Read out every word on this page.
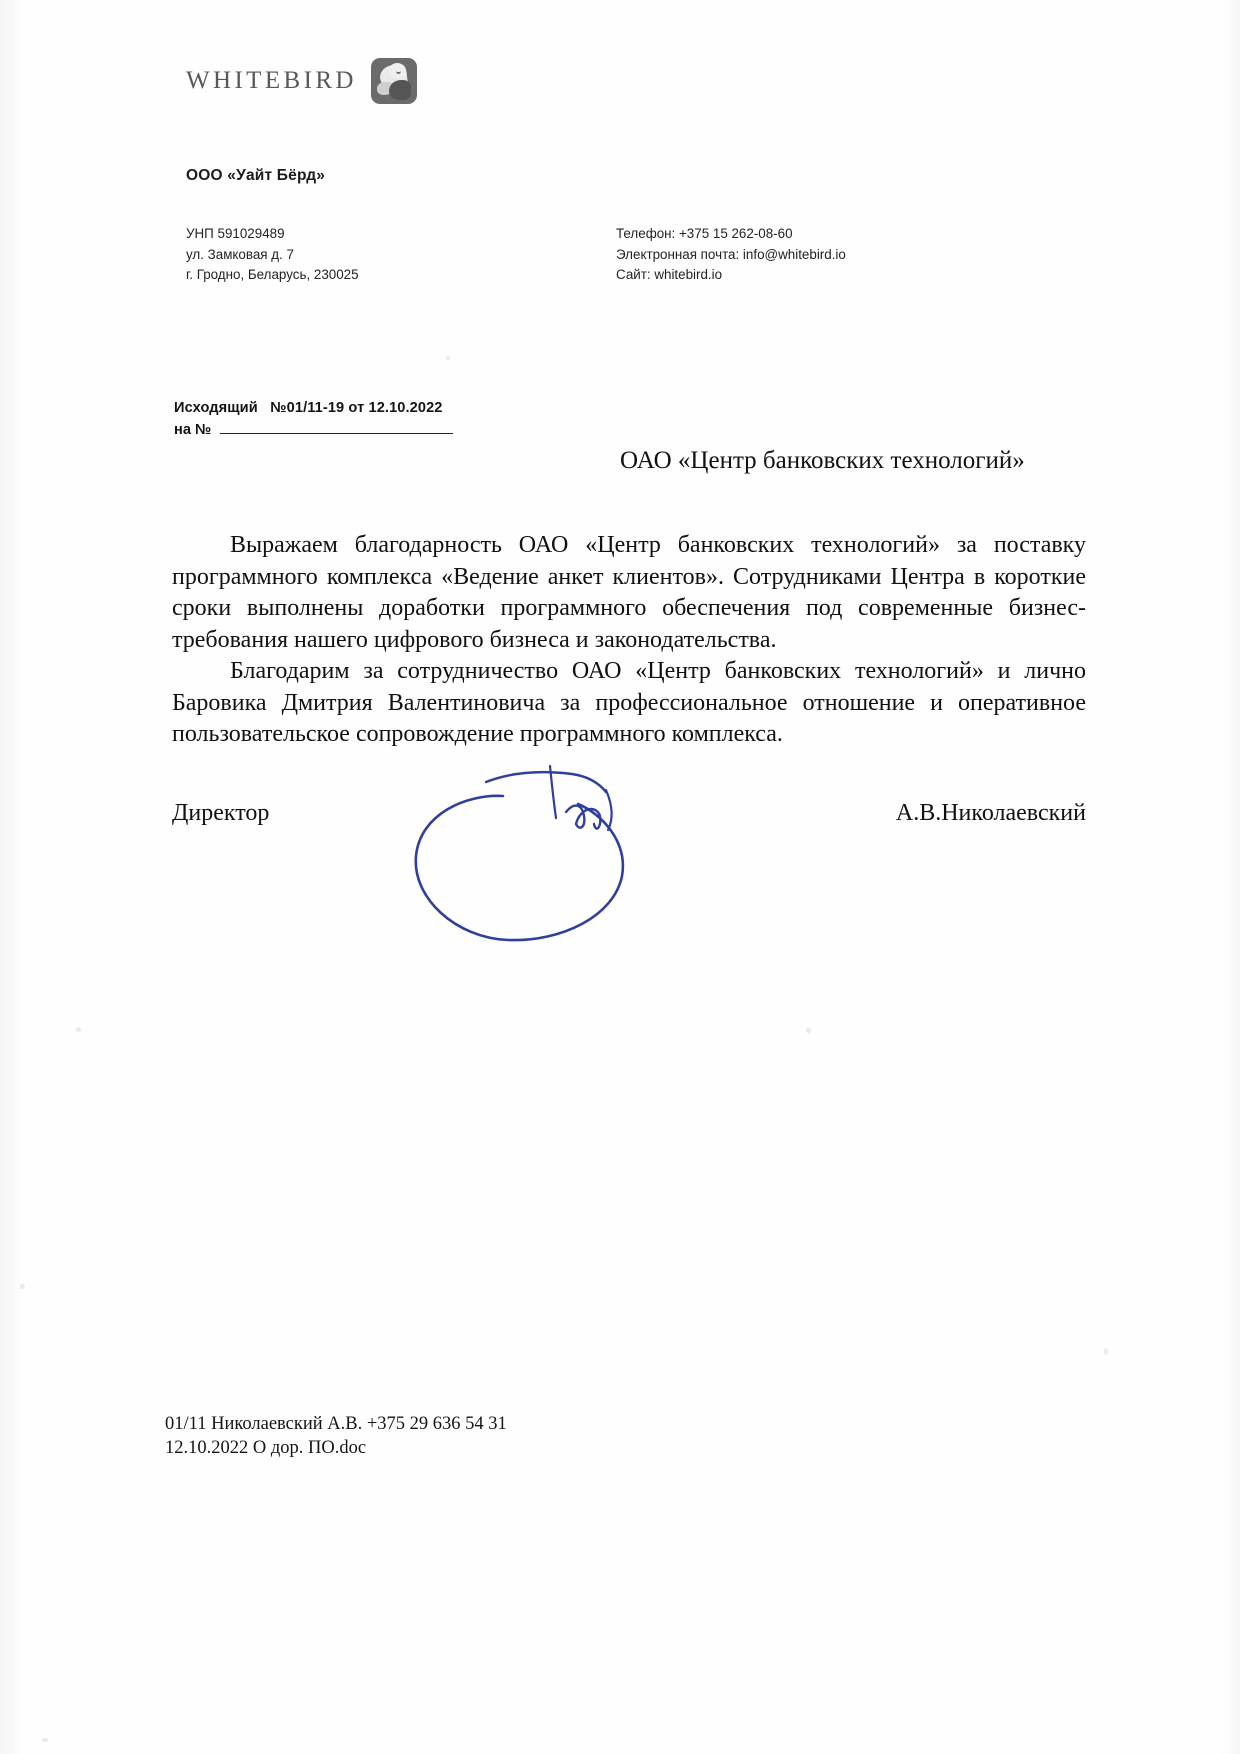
WHITEBIRD
ООО «Уайт Бёрд»
УНП 591029489
ул. Замковая д. 7
г. Гродно, Беларусь, 230025
Телефон: +375 15 262-08-60
Электронная почта: info@whitebird.io
Сайт: whitebird.io
Исходящий №01/11-19 от 12.10.2022
на №
ОАО «Центр банковских технологий»

Выражаем благодарность ОАО «Центр банковских технологий» за поставку программного комплекса «Ведение анкет клиентов». Сотрудниками Центра в короткие сроки выполнены доработки программного обеспечения под современные бизнес-требования нашего цифрового бизнеса и законодательства.

Благодарим за сотрудничество ОАО «Центр банковских технологий» и лично Баровика Дмитрия Валентиновича за профессиональное отношение и оперативное пользовательское сопровождение программного комплекса.

Директор	А.В.Николаевский
01/11 Николаевский А.В. +375 29 636 54 31
12.10.2022 О дор. ПО.doc
